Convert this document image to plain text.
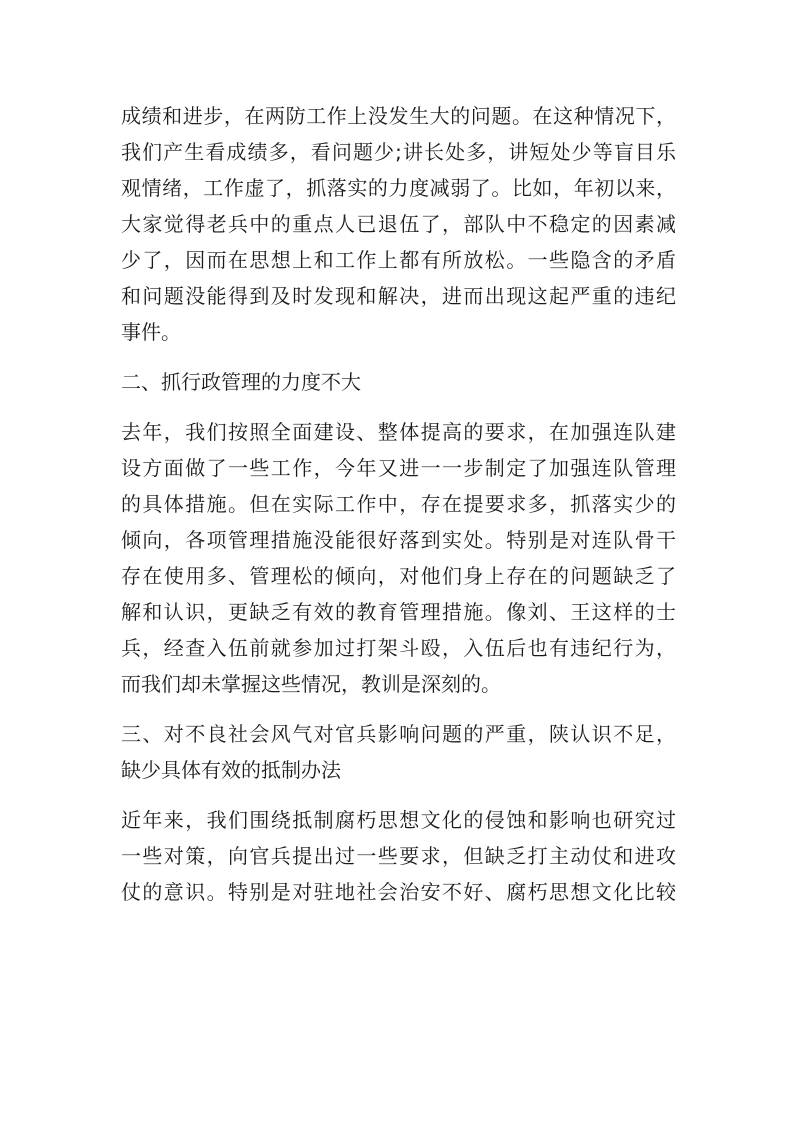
成绩和进步，在两防工作上没发生大的问题。在这种情况下，
我们产生看成绩多，看问题少;讲长处多，讲短处少等盲目乐
观情绪，工作虚了，抓落实的力度减弱了。比如，年初以来，
大家觉得老兵中的重点人已退伍了，部队中不稳定的因素减
少了，因而在思想上和工作上都有所放松。一些隐含的矛盾
和问题没能得到及时发现和解决，进而出现这起严重的违纪
事件。
二、抓行政管理的力度不大
去年，我们按照全面建设、整体提高的要求，在加强连队建
设方面做了一些工作，今年又进一一步制定了加强连队管理
的具体措施。但在实际工作中，存在提要求多，抓落实少的
倾向，各项管理措施没能很好落到实处。特别是对连队骨干
存在使用多、管理松的倾向，对他们身上存在的问题缺乏了
解和认识，更缺乏有效的教育管理措施。像刘、王这样的士
兵，经查入伍前就参加过打架斗殴，入伍后也有违纪行为，
而我们却未掌握这些情况，教训是深刻的。
三、对不良社会风气对官兵影响问题的严重，陕认识不足，
缺少具体有效的抵制办法
近年来，我们围绕抵制腐朽思想文化的侵蚀和影响也研究过
一些对策，向官兵提出过一些要求，但缺乏打主动仗和进攻
仗的意识。特别是对驻地社会治安不好、腐朽思想文化比较
